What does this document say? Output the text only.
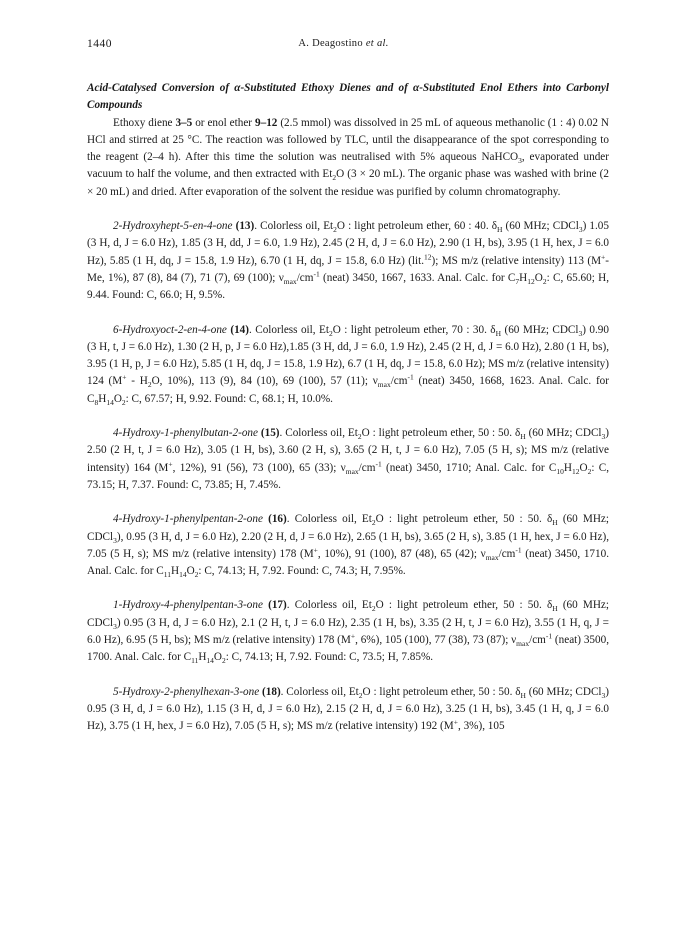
1440	A. Deagostino et al.

Acid-Catalysed Conversion of α-Substituted Ethoxy Dienes and of α-Substituted Enol Ethers into Carbonyl Compounds

Ethoxy diene 3–5 or enol ether 9–12 (2.5 mmol) was dissolved in 25 mL of aqueous methanolic (1 : 4) 0.02 N HCl and stirred at 25 °C. The reaction was followed by TLC, until the disappearance of the spot corresponding to the reagent (2–4 h). After this time the solution was neutralised with 5% aqueous NaHCO$_3$, evaporated under vacuum to half the volume, and then extracted with $Et_2O$ (3 × 20 mL). The organic phase was washed with brine (2 × 20 mL) and dried. After evaporation of the solvent the residue was purified by column chromatography.

2-Hydroxyhept-5-en-4-one (13). Colorless oil, $Et_2O$ : light petroleum ether, 60 : 40. $\delta_H$ (60 MHz; CDCl$_3$) 1.05 (3 H, d, J = 6.0 Hz), 1.85 (3 H, dd, J = 6.0, 1.9 Hz), 2.45 (2 H, d, J = 6.0 Hz), 2.90 (1 H, bs), 3.95 (1 H, hex, J = 6.0 Hz), 5.85 (1 H, dq, J = 15.8, 1.9 Hz), 6.70 (1 H, dq, J = 15.8, 6.0 Hz) (lit.$^{12}$); MS m/z (relative intensity) 113 (M+- Me, 1%), 87 (8), 84 (7), 71 (7), 69 (100); $\nu_{max}/cm^{-1}$ (neat) 3450, 1667, 1633. Anal. Calc. for $C_7H_{12}O_2$: C, 65.60; H, 9.44. Found: C, 66.0; H, 9.5%.

6-Hydroxyoct-2-en-4-one (14). Colorless oil, $Et_2O$ : light petroleum ether, 70 : 30. $\delta_H$ (60 MHz; CDCl$_3$) 0.90 (3 H, t, J = 6.0 Hz), 1.30 (2 H, p, J = 6.0 Hz),1.85 (3 H, dd, J = 6.0, 1.9 Hz), 2.45 (2 H, d, J = 6.0 Hz), 2.80 (1 H, bs), 3.95 (1 H, p, J = 6.0 Hz), 5.85 (1 H, dq, J = 15.8, 1.9 Hz), 6.7 (1 H, dq, J = 15.8, 6.0 Hz); MS m/z (relative intensity) 124 ($M^+ - H_2O$, 10%), 113 (9), 84 (10), 69 (100), 57 (11); $\nu_{max}/cm^{-1}$ (neat) 3450, 1668, 1623. Anal. Calc. for $C_8H_{14}O_2$: C, 67.57; H, 9.92. Found: C, 68.1; H, 10.0%.

4-Hydroxy-1-phenylbutan-2-one (15). Colorless oil, $Et_2O$ : light petroleum ether, 50 : 50. $\delta_H$ (60 MHz; CDCl$_3$) 2.50 (2 H, t, J = 6.0 Hz), 3.05 (1 H, bs), 3.60 (2 H, s), 3.65 (2 H, t, J = 6.0 Hz), 7.05 (5 H, s); MS m/z (relative intensity) 164 (M+, 12%), 91 (56), 73 (100), 65 (33); $\nu_{max}/cm^{-1}$ (neat) 3450, 1710; Anal. Calc. for $C_{10}H_{12}O_2$: C, 73.15; H, 7.37. Found: C, 73.85; H, 7.45%.

4-Hydroxy-1-phenylpentan-2-one (16). Colorless oil, $Et_2O$ : light petroleum ether, 50 : 50. $\delta_H$ (60 MHz; CDCl$_3$), 0.95 (3 H, d, J = 6.0 Hz), 2.20 (2 H, d, J = 6.0 Hz), 2.65 (1 H, bs), 3.65 (2 H, s), 3.85 (1 H, hex, J = 6.0 Hz), 7.05 (5 H, s); MS m/z (relative intensity) 178 (M+, 10%), 91 (100), 87 (48), 65 (42); $\nu_{max}/cm^{-1}$ (neat) 3450, 1710. Anal. Calc. for $C_{11}H_{14}O_2$: C, 74.13; H, 7.92. Found: C, 74.3; H, 7.95%.

1-Hydroxy-4-phenylpentan-3-one (17). Colorless oil, $Et_2O$ : light petroleum ether, 50 : 50. $\delta_H$ (60 MHz; CDCl$_3$) 0.95 (3 H, d, J = 6.0 Hz), 2.1 (2 H, t, J = 6.0 Hz), 2.35 (1 H, bs), 3.35 (2 H, t, J = 6.0 Hz), 3.55 (1 H, q, J = 6.0 Hz), 6.95 (5 H, bs); MS m/z (relative intensity) 178 (M+, 6%), 105 (100), 77 (38), 73 (87); $\nu_{max}/cm^{-1}$ (neat) 3500, 1700. Anal. Calc. for $C_{11}H_{14}O_2$: C, 74.13; H, 7.92. Found: C, 73.5; H, 7.85%.

5-Hydroxy-2-phenylhexan-3-one (18). Colorless oil, $Et_2O$ : light petroleum ether, 50 : 50. $\delta_H$ (60 MHz; CDCl$_3$) 0.95 (3 H, d, J = 6.0 Hz), 1.15 (3 H, d, J = 6.0 Hz), 2.15 (2 H, d, J = 6.0 Hz), 3.25 (1 H, bs), 3.45 (1 H, q, J = 6.0 Hz), 3.75 (1 H, hex, J = 6.0 Hz), 7.05 (5 H, s); MS m/z (relative intensity) 192 (M+, 3%), 105
